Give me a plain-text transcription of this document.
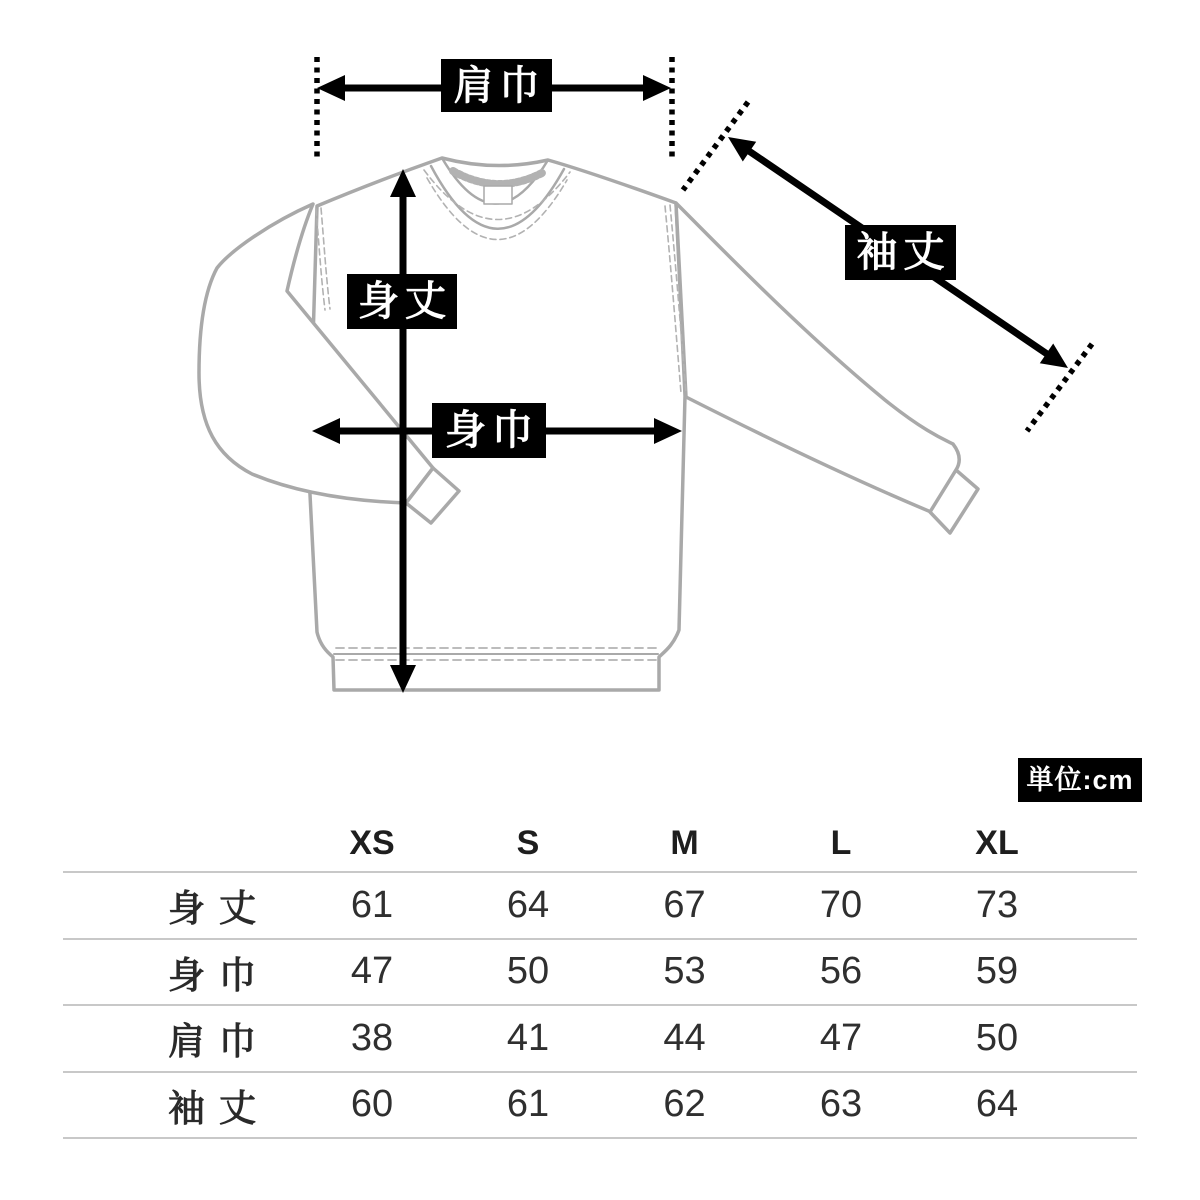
肩巾
身丈
身巾
袖丈
単位:cm
XS	S	M	L	XL
身丈	61	64	67	70	73
身巾	47	50	53	56	59
肩巾	38	41	44	47	50
袖丈	60	61	62	63	64
